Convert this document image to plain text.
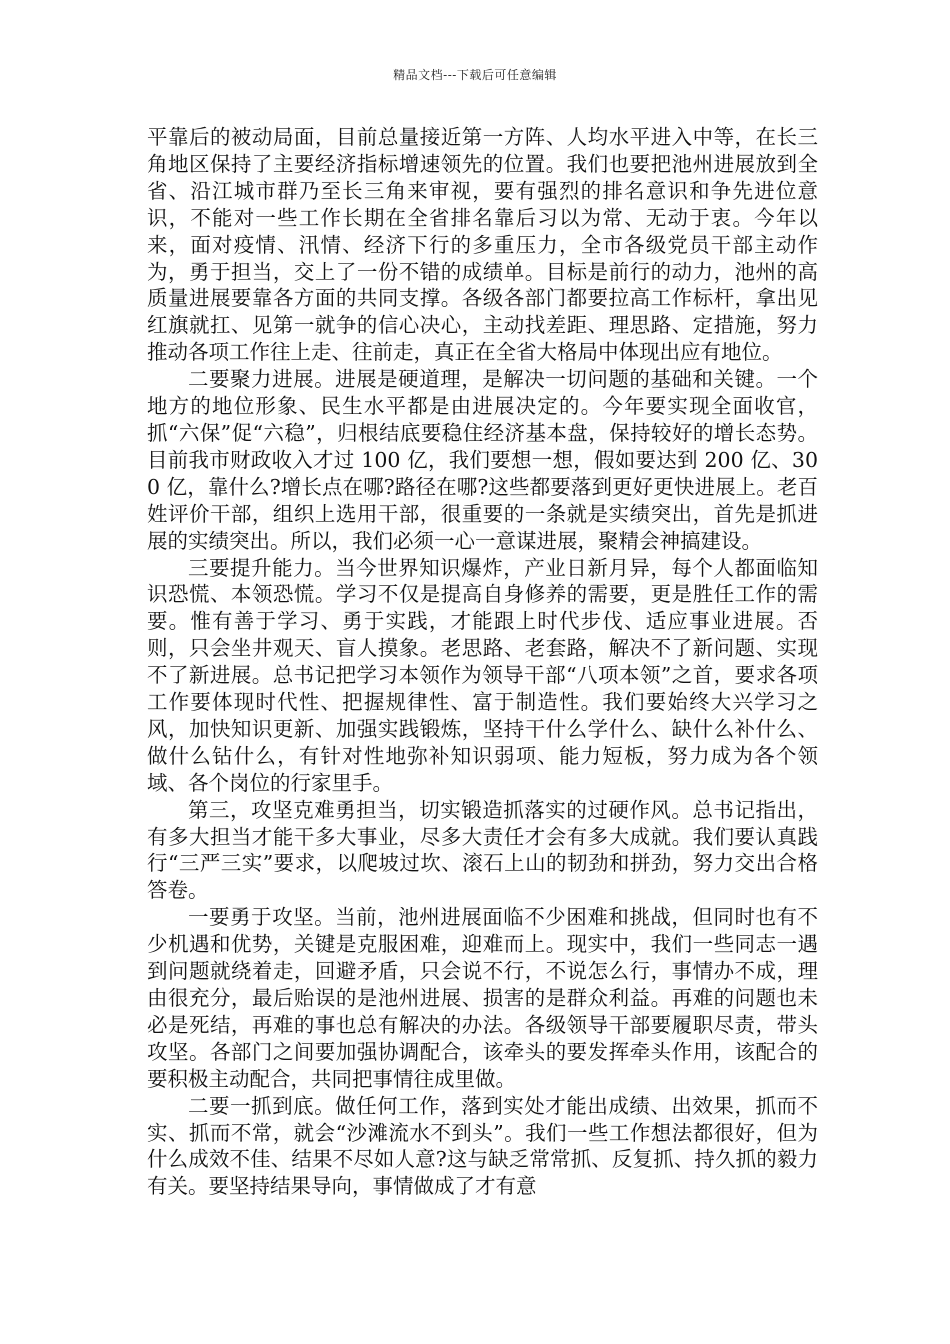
精品文档---下载后可任意编辑

平靠后的被动局面，目前总量接近第一方阵、人均水平进入中等，在长三角地区保持了主要经济指标增速领先的位置。我们也要把池州进展放到全省、沿江城市群乃至长三角来审视，要有强烈的排名意识和争先进位意识，不能对一些工作长期在全省排名靠后习以为常、无动于衷。今年以来，面对疫情、汛情、经济下行的多重压力，全市各级党员干部主动作为，勇于担当，交上了一份不错的成绩单。目标是前行的动力，池州的高质量进展要靠各方面的共同支撑。各级各部门都要拉高工作标杆，拿出见红旗就扛、见第一就争的信心决心，主动找差距、理思路、定措施，努力推动各项工作往上走、往前走，真正在全省大格局中体现出应有地位。

二要聚力进展。进展是硬道理，是解决一切问题的基础和关键。一个地方的地位形象、民生水平都是由进展决定的。今年要实现全面收官，抓“六保”促“六稳”，归根结底要稳住经济基本盘，保持较好的增长态势。目前我市财政收入才过 100 亿，我们要想一想，假如要达到 200 亿、300 亿，靠什么?增长点在哪?路径在哪?这些都要落到更好更快进展上。老百姓评价干部，组织上选用干部，很重要的一条就是实绩突出，首先是抓进展的实绩突出。所以，我们必须一心一意谋进展，聚精会神搞建设。

三要提升能力。当今世界知识爆炸，产业日新月异，每个人都面临知识恐慌、本领恐慌。学习不仅是提高自身修养的需要，更是胜任工作的需要。惟有善于学习、勇于实践，才能跟上时代步伐、适应事业进展。否则，只会坐井观天、盲人摸象。老思路、老套路，解决不了新问题、实现不了新进展。总书记把学习本领作为领导干部“八项本领”之首，要求各项工作要体现时代性、把握规律性、富于制造性。我们要始终大兴学习之风，加快知识更新、加强实践锻炼，坚持干什么学什么、缺什么补什么、做什么钻什么，有针对性地弥补知识弱项、能力短板，努力成为各个领域、各个岗位的行家里手。

第三，攻坚克难勇担当，切实锻造抓落实的过硬作风。总书记指出，有多大担当才能干多大事业，尽多大责任才会有多大成就。我们要认真践行“三严三实”要求，以爬坡过坎、滚石上山的韧劲和拼劲，努力交出合格答卷。

一要勇于攻坚。当前，池州进展面临不少困难和挑战，但同时也有不少机遇和优势，关键是克服困难，迎难而上。现实中，我们一些同志一遇到问题就绕着走，回避矛盾，只会说不行，不说怎么行，事情办不成，理由很充分，最后贻误的是池州进展、损害的是群众利益。再难的问题也未必是死结，再难的事也总有解决的办法。各级领导干部要履职尽责，带头攻坚。各部门之间要加强协调配合，该牵头的要发挥牵头作用，该配合的要积极主动配合，共同把事情往成里做。

二要一抓到底。做任何工作，落到实处才能出成绩、出效果，抓而不实、抓而不常，就会“沙滩流水不到头”。我们一些工作想法都很好，但为什么成效不佳、结果不尽如人意?这与缺乏常常抓、反复抓、持久抓的毅力有关。要坚持结果导向，事情做成了才有意
